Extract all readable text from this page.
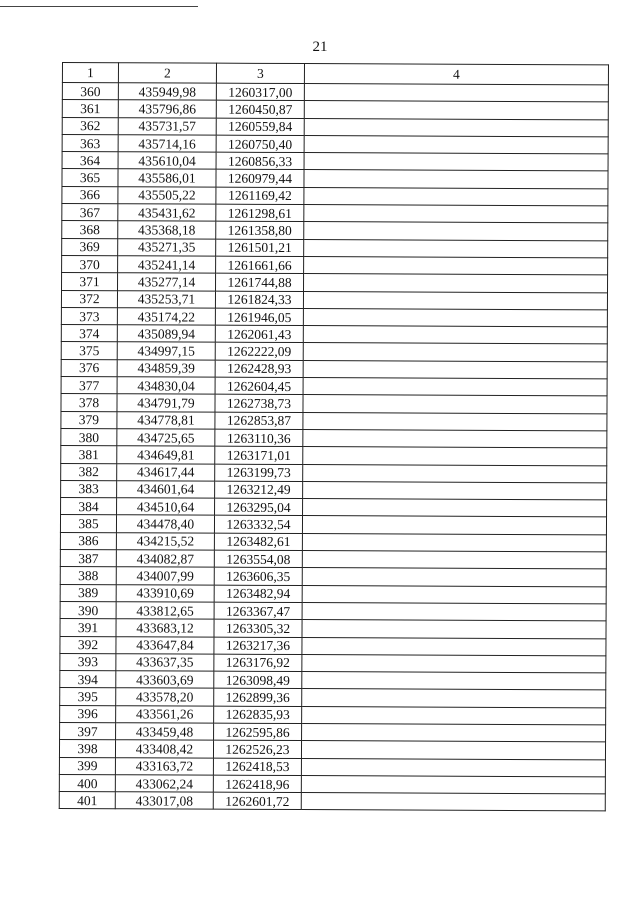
21
1	2	3	4
360	435949,98	1260317,00	
361	435796,86	1260450,87	
362	435731,57	1260559,84	
363	435714,16	1260750,40	
364	435610,04	1260856,33	
365	435586,01	1260979,44	
366	435505,22	1261169,42	
367	435431,62	1261298,61	
368	435368,18	1261358,80	
369	435271,35	1261501,21	
370	435241,14	1261661,66	
371	435277,14	1261744,88	
372	435253,71	1261824,33	
373	435174,22	1261946,05	
374	435089,94	1262061,43	
375	434997,15	1262222,09	
376	434859,39	1262428,93	
377	434830,04	1262604,45	
378	434791,79	1262738,73	
379	434778,81	1262853,87	
380	434725,65	1263110,36	
381	434649,81	1263171,01	
382	434617,44	1263199,73	
383	434601,64	1263212,49	
384	434510,64	1263295,04	
385	434478,40	1263332,54	
386	434215,52	1263482,61	
387	434082,87	1263554,08	
388	434007,99	1263606,35	
389	433910,69	1263482,94	
390	433812,65	1263367,47	
391	433683,12	1263305,32	
392	433647,84	1263217,36	
393	433637,35	1263176,92	
394	433603,69	1263098,49	
395	433578,20	1262899,36	
396	433561,26	1262835,93	
397	433459,48	1262595,86	
398	433408,42	1262526,23	
399	433163,72	1262418,53	
400	433062,24	1262418,96	
401	433017,08	1262601,72	
